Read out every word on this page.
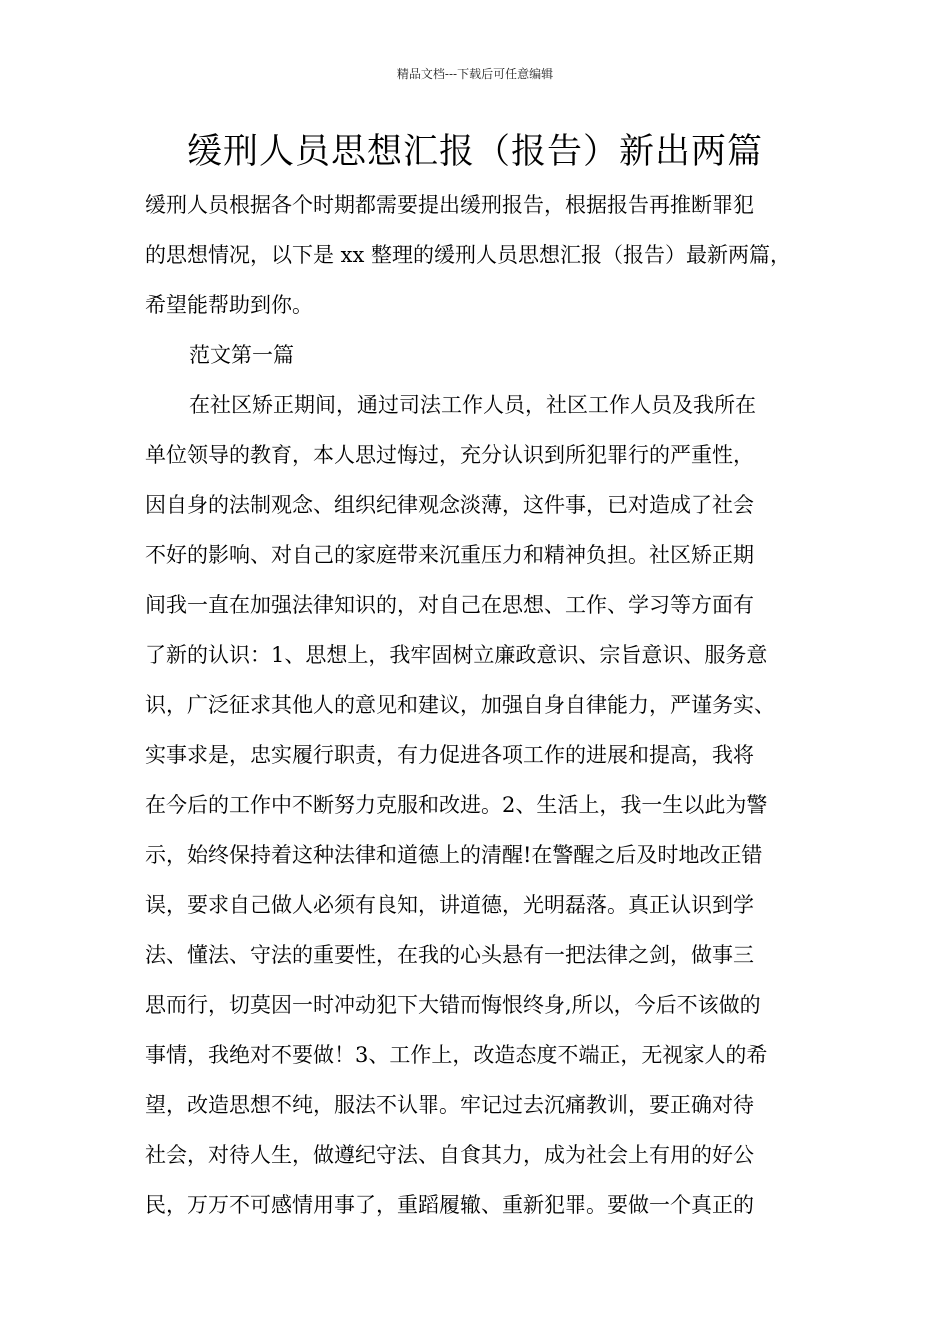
精品文档---下载后可任意编辑
缓刑人员思想汇报（报告）新出两篇
缓刑人员根据各个时期都需要提出缓刑报告，根据报告再推断罪犯
的思想情况，以下是 xx 整理的缓刑人员思想汇报（报告）最新两篇，
希望能帮助到你。
范文第一篇
在社区矫正期间，通过司法工作人员，社区工作人员及我所在
单位领导的教育，本人思过悔过，充分认识到所犯罪行的严重性，
因自身的法制观念、组织纪律观念淡薄，这件事，已对造成了社会
不好的影响、对自己的家庭带来沉重压力和精神负担。社区矫正期
间我一直在加强法律知识的，对自己在思想、工作、学习等方面有
了新的认识：1、思想上，我牢固树立廉政意识、宗旨意识、服务意
识，广泛征求其他人的意见和建议，加强自身自律能力，严谨务实、
实事求是，忠实履行职责，有力促进各项工作的进展和提高，我将
在今后的工作中不断努力克服和改进。2、生活上，我一生以此为警
示，始终保持着这种法律和道德上的清醒!在警醒之后及时地改正错
误，要求自己做人必须有良知，讲道德，光明磊落。真正认识到学
法、懂法、守法的重要性，在我的心头悬有一把法律之剑，做事三
思而行，切莫因一时冲动犯下大错而悔恨终身,所以，今后不该做的
事情，我绝对不要做！3、工作上，改造态度不端正，无视家人的希
望，改造思想不纯，服法不认罪。牢记过去沉痛教训，要正确对待
社会，对待人生，做遵纪守法、自食其力，成为社会上有用的好公
民，万万不可感情用事了，重蹈履辙、重新犯罪。要做一个真正的
